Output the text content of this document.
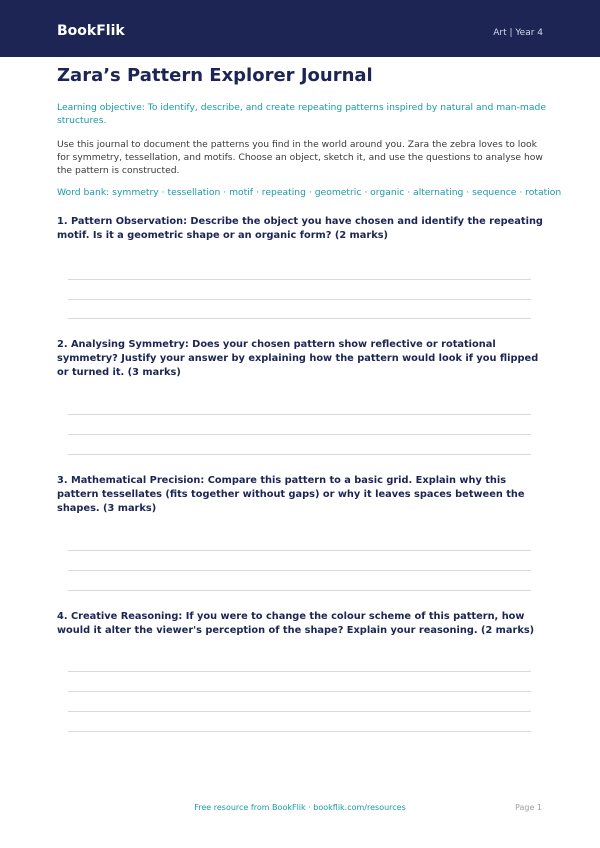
BookFlik	Art | Year 4
Zara’s Pattern Explorer Journal

Learning objective: To identify, describe, and create repeating patterns inspired by natural and man-made structures.

Use this journal to document the patterns you find in the world around you. Zara the zebra loves to look for symmetry, tessellation, and motifs. Choose an object, sketch it, and use the questions to analyse how the pattern is constructed.

Word bank: symmetry · tessellation · motif · repeating · geometric · organic · alternating · sequence · rotation

1. Pattern Observation: Describe the object you have chosen and identify the repeating motif. Is it a geometric shape or an organic form? (2 marks)

2. Analysing Symmetry: Does your chosen pattern show reflective or rotational symmetry? Justify your answer by explaining how the pattern would look if you flipped or turned it. (3 marks)

3. Mathematical Precision: Compare this pattern to a basic grid. Explain why this pattern tessellates (fits together without gaps) or why it leaves spaces between the shapes. (3 marks)

4. Creative Reasoning: If you were to change the colour scheme of this pattern, how would it alter the viewer's perception of the shape? Explain your reasoning. (2 marks)

Free resource from BookFlik · bookflik.com/resources	Page 1
